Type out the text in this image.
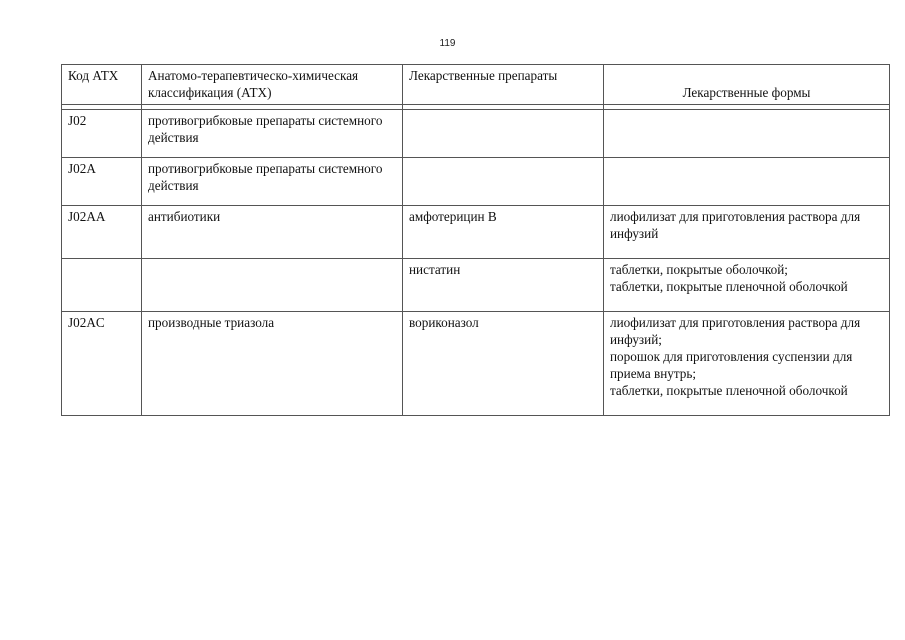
119
Код АТХ	Анатомо-терапевтическо-химическая классификация (АТХ)	Лекарственные препараты	Лекарственные формы

J02	противогрибковые препараты системного действия		
J02A	противогрибковые препараты системного действия		
J02AA	антибиотики	амфотерицин B	лиофилизат для приготовления раствора для инфузий

		нистатин	таблетки, покрытые оболочкой;
таблетки, покрытые пленочной оболочкой

J02AC	производные триазола	вориконазол	лиофилизат для приготовления раствора для инфузий;
порошок для приготовления суспензии для приема внутрь;
таблетки, покрытые пленочной оболочкой
